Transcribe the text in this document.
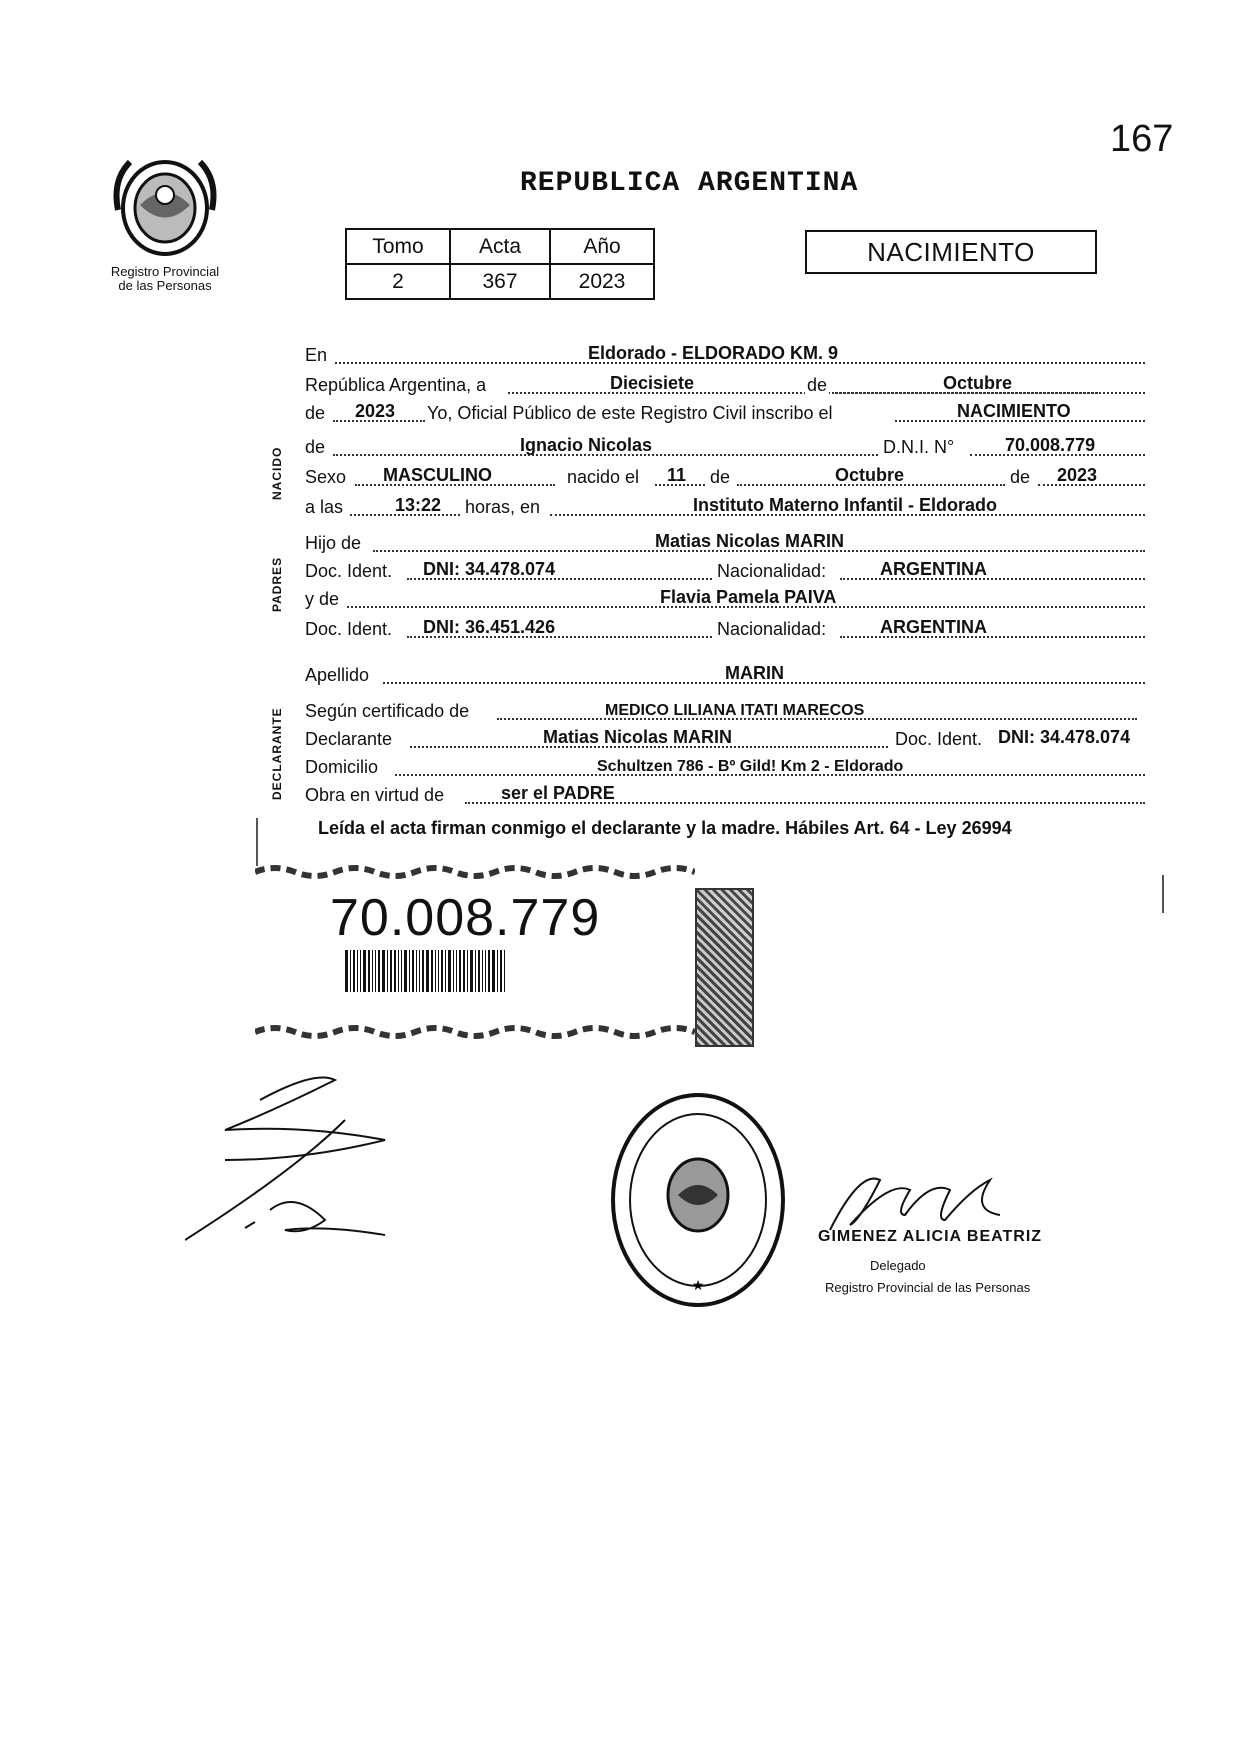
167
Registro Provincial
de las Personas
REPUBLICA ARGENTINA
Tomo	Acta	Año
2	367	2023
NACIMIENTO
NACIDO
PADRES
DECLARANTE
En	Eldorado - ELDORADO KM. 9
República Argentina, a	Diecisiete	de	Octubre
de 2023 Yo, Oficial Público de este Registro Civil inscribo el	NACIMIENTO
de	Ignacio Nicolas	D.N.I. N°	70.008.779
Sexo MASCULINO	nacido el 11 de	Octubre	de 2023
a las	13:22 horas, en	Instituto Materno Infantil - Eldorado
Hijo de	Matias Nicolas MARIN
Doc. Ident. DNI: 34.478.074	Nacionalidad:	ARGENTINA
y de	Flavia Pamela PAIVA
Doc. Ident. DNI: 36.451.426	Nacionalidad:	ARGENTINA
Apellido	MARIN
Según certificado de	MEDICO LILIANA ITATI MARECOS
Declarante	Matias Nicolas MARIN	Doc. Ident. DNI: 34.478.074
Domicilio	Schultzen 786 - Bº Gild! Km 2 - Eldorado
Obra en virtud de	ser el PADRE
Leída el acta firman conmigo el declarante y la madre. Hábiles Art. 64 - Ley 26994
70.008.779
★
GIMENEZ ALICIA BEATRIZ
Delegado
Registro Provincial de las Personas
